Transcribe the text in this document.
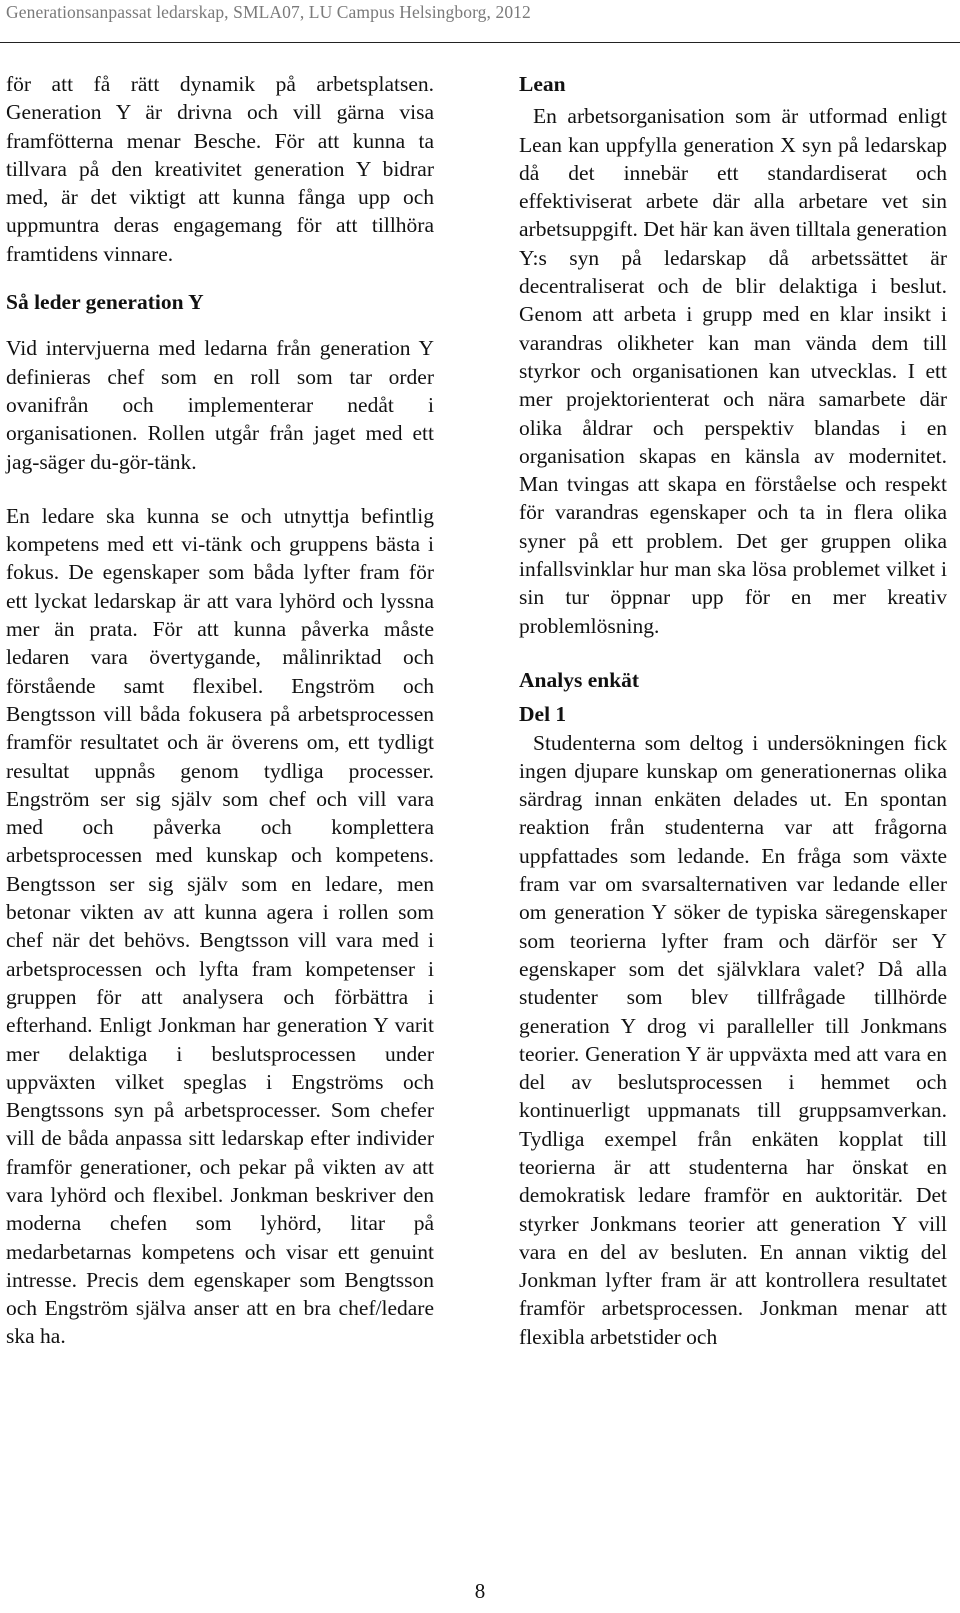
Generationsanpassat ledarskap, SMLA07, LU Campus Helsingborg, 2012

för att få rätt dynamik på arbetsplatsen. Generation Y är drivna och vill gärna visa framfötterna menar Besche. För att kunna ta tillvara på den kreativitet generation Y bidrar med, är det viktigt att kunna fånga upp och uppmuntra deras engagemang för att tillhöra framtidens vinnare.

Så leder generation Y

Vid intervjuerna med ledarna från generation Y definieras chef som en roll som tar order ovanifrån och implementerar nedåt i organisationen. Rollen utgår från jaget med ett jag-säger du-gör-tänk.

En ledare ska kunna se och utnyttja befintlig kompetens med ett vi-tänk och gruppens bästa i fokus. De egenskaper som båda lyfter fram för ett lyckat ledarskap är att vara lyhörd och lyssna mer än prata. För att kunna påverka måste ledaren vara övertygande, målinriktad och förstående samt flexibel. Engström och Bengtsson vill båda fokusera på arbetsprocessen framför resultatet och är överens om, ett tydligt resultat uppnås genom tydliga processer. Engström ser sig själv som chef och vill vara med och påverka och komplettera arbetsprocessen med kunskap och kompetens. Bengtsson ser sig själv som en ledare, men betonar vikten av att kunna agera i rollen som chef när det behövs. Bengtsson vill vara med i arbetsprocessen och lyfta fram kompetenser i gruppen för att analysera och förbättra i efterhand. Enligt Jonkman har generation Y varit mer delaktiga i beslutsprocessen under uppväxten vilket speglas i Engströms och Bengtssons syn på arbetsprocesser. Som chefer vill de båda anpassa sitt ledarskap efter individer framför generationer, och pekar på vikten av att vara lyhörd och flexibel. Jonkman beskriver den moderna chefen som lyhörd, litar på medarbetarnas kompetens och visar ett genuint intresse. Precis dem egenskaper som Bengtsson och Engström själva anser att en bra chef/ledare ska ha.

Lean

En arbetsorganisation som är utformad enligt Lean kan uppfylla generation X syn på ledarskap då det innebär ett standardiserat och effektiviserat arbete där alla arbetare vet sin arbetsuppgift. Det här kan även tilltala generation Y:s syn på ledarskap då arbetssättet är decentraliserat och de blir delaktiga i beslut. Genom att arbeta i grupp med en klar insikt i varandras olikheter kan man vända dem till styrkor och organisationen kan utvecklas. I ett mer projektorienterat och nära samarbete där olika åldrar och perspektiv blandas i en organisation skapas en känsla av modernitet. Man tvingas att skapa en förståelse och respekt för varandras egenskaper och ta in flera olika syner på ett problem. Det ger gruppen olika infallsvinklar hur man ska lösa problemet vilket i sin tur öppnar upp för en mer kreativ problemlösning.

Analys enkät
Del 1

Studenterna som deltog i undersökningen fick ingen djupare kunskap om generationernas olika särdrag innan enkäten delades ut. En spontan reaktion från studenterna var att frågorna uppfattades som ledande. En fråga som växte fram var om svarsalternativen var ledande eller om generation Y söker de typiska säregenskaper som teorierna lyfter fram och därför ser Y egenskaper som det självklara valet? Då alla studenter som blev tillfrågade tillhörde generation Y drog vi paralleller till Jonkmans teorier. Generation Y är uppväxta med att vara en del av beslutsprocessen i hemmet och kontinuerligt uppmanats till gruppsamverkan. Tydliga exempel från enkäten kopplat till teorierna är att studenterna har önskat en demokratisk ledare framför en auktoritär. Det styrker Jonkmans teorier att generation Y vill vara en del av besluten. En annan viktig del Jonkman lyfter fram är att kontrollera resultatet framför arbetsprocessen. Jonkman menar att flexibla arbetstider och

8
